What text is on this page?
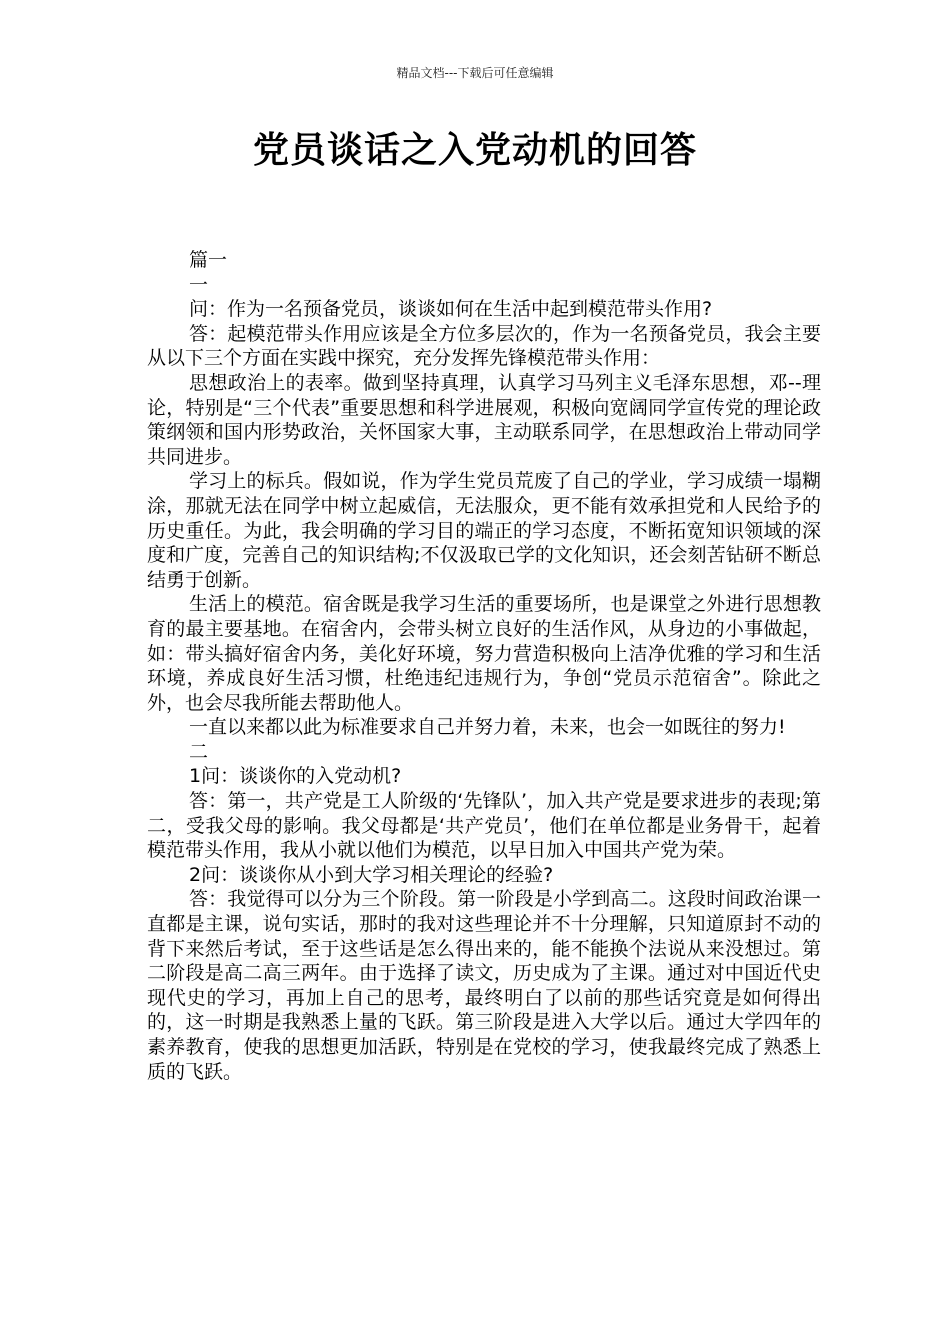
精品文档---下载后可任意编辑
党员谈话之入党动机的回答

篇一

一

问：作为一名预备党员，谈谈如何在生活中起到模范带头作用?

答：起模范带头作用应该是全方位多层次的，作为一名预备党员，我会主要从以下三个方面在实践中探究，充分发挥先锋模范带头作用：

思想政治上的表率。做到坚持真理，认真学习马列主义毛泽东思想，邓--理论，特别是“三个代表”重要思想和科学进展观，积极向宽阔同学宣传党的理论政策纲领和国内形势政治，关怀国家大事，主动联系同学，在思想政治上带动同学共同进步。

学习上的标兵。假如说，作为学生党员荒废了自己的学业，学习成绩一塌糊涂，那就无法在同学中树立起威信，无法服众，更不能有效承担党和人民给予的历史重任。为此，我会明确的学习目的端正的学习态度，不断拓宽知识领域的深度和广度，完善自己的知识结构;不仅汲取已学的文化知识，还会刻苦钻研不断总结勇于创新。

生活上的模范。宿舍既是我学习生活的重要场所，也是课堂之外进行思想教育的最主要基地。在宿舍内，会带头树立良好的生活作风，从身边的小事做起，如：带头搞好宿舍内务，美化好环境，努力营造积极向上洁净优雅的学习和生活环境，养成良好生活习惯，杜绝违纪违规行为，争创“党员示范宿舍”。除此之外，也会尽我所能去帮助他人。

一直以来都以此为标准要求自己并努力着，未来，也会一如既往的努力!

二

1问：谈谈你的入党动机?

答：第一，共产党是工人阶级的‘先锋队’，加入共产党是要求进步的表现;第二，受我父母的影响。我父母都是‘共产党员’，他们在单位都是业务骨干，起着模范带头作用，我从小就以他们为模范，以早日加入中国共产党为荣。

2问：谈谈你从小到大学习相关理论的经验?

答：我觉得可以分为三个阶段。第一阶段是小学到高二。这段时间政治课一直都是主课，说句实话，那时的我对这些理论并不十分理解，只知道原封不动的背下来然后考试，至于这些话是怎么得出来的，能不能换个法说从来没想过。第二阶段是高二高三两年。由于选择了读文，历史成为了主课。通过对中国近代史现代史的学习，再加上自己的思考，最终明白了以前的那些话究竟是如何得出的，这一时期是我熟悉上量的飞跃。第三阶段是进入大学以后。通过大学四年的素养教育，使我的思想更加活跃，特别是在党校的学习，使我最终完成了熟悉上质的飞跃。
